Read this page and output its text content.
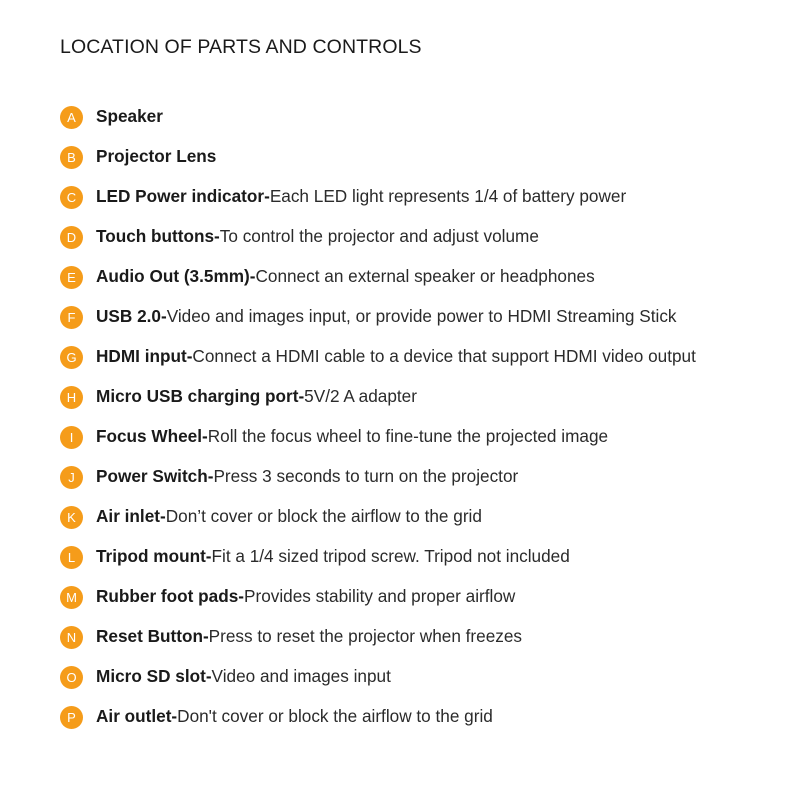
LOCATION OF PARTS AND CONTROLS
A	Speaker
B	Projector Lens
C	LED Power indicator-Each LED light represents 1/4 of battery power
D	Touch buttons-To control the projector and adjust volume
E	Audio Out (3.5mm)-Connect an external speaker or headphones
F	USB 2.0-Video and images input, or provide power to HDMI Streaming Stick
G	HDMI input-Connect a HDMI cable to a device that support HDMI video output
H	Micro USB charging port-5V/2 A adapter
I	Focus Wheel-Roll the focus wheel to fine-tune the projected image
J	Power Switch-Press 3 seconds to turn on the projector
K	Air inlet-Don’t cover or block the airflow to the grid
L	Tripod mount-Fit a 1/4 sized tripod screw. Tripod not included
M	Rubber foot pads-Provides stability and proper airflow
N	Reset Button-Press to reset the projector when freezes
O	Micro SD slot-Video and images input
P	Air outlet-Don't cover or block the airflow to the grid
